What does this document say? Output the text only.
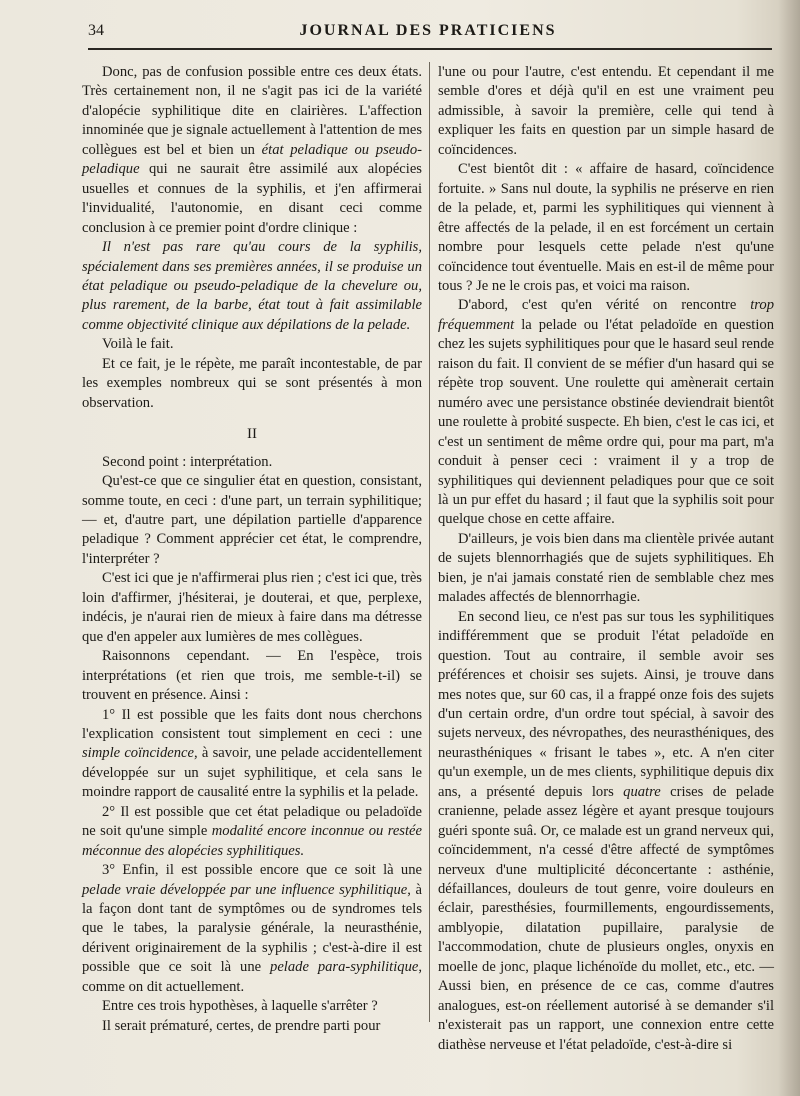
34	JOURNAL DES PRATICIENS

Donc, pas de confusion possible entre ces deux états. Très certainement non, il ne s'agit pas ici de la variété d'alopécie syphilitique dite en clairières. L'affection innominée que je signale actuellement à l'attention de mes collègues est bel et bien un état peladique ou pseudo-peladique qui ne saurait être assimilé aux alopécies usuelles et connues de la syphilis, et j'en affirmerai l'invidualité, l'autonomie, en disant ceci comme conclusion à ce premier point d'ordre clinique :

Il n'est pas rare qu'au cours de la syphilis, spécialement dans ses premières années, il se produise un état peladique ou pseudo-peladique de la chevelure ou, plus rarement, de la barbe, état tout à fait assimilable comme objectivité clinique aux dépilations de la pelade.

Voilà le fait.

Et ce fait, je le répète, me paraît incontestable, de par les exemples nombreux qui se sont présentés à mon observation.

II

Second point : interprétation.

Qu'est-ce que ce singulier état en question, consistant, somme toute, en ceci : d'une part, un terrain syphilitique; — et, d'autre part, une dépilation partielle d'apparence peladique ? Comment apprécier cet état, le comprendre, l'interpréter ?

C'est ici que je n'affirmerai plus rien ; c'est ici que, très loin d'affirmer, j'hésiterai, je douterai, et que, perplexe, indécis, je n'aurai rien de mieux à faire dans ma détresse que d'en appeler aux lumières de mes collègues.

Raisonnons cependant. — En l'espèce, trois interprétations (et rien que trois, me semble-t-il) se trouvent en présence. Ainsi :

1° Il est possible que les faits dont nous cherchons l'explication consistent tout simplement en ceci : une simple coïncidence, à savoir, une pelade accidentellement développée sur un sujet syphilitique, et cela sans le moindre rapport de causalité entre la syphilis et la pelade.

2° Il est possible que cet état peladique ou peladoïde ne soit qu'une simple modalité encore inconnue ou restée méconnue des alopécies syphilitiques.

3° Enfin, il est possible encore que ce soit là une pelade vraie développée par une influence syphilitique, à la façon dont tant de symptômes ou de syndromes tels que le tabes, la paralysie générale, la neurasthénie, dérivent originairement de la syphilis ; c'est-à-dire il est possible que ce soit là une pelade para-syphilitique, comme on dit actuellement.

Entre ces trois hypothèses, à laquelle s'arrêter ?

Il serait prématuré, certes, de prendre parti pour

l'une ou pour l'autre, c'est entendu. Et cependant il me semble d'ores et déjà qu'il en est une vraiment peu admissible, à savoir la première, celle qui tend à expliquer les faits en question par un simple hasard de coïncidences.

C'est bientôt dit : « affaire de hasard, coïncidence fortuite. » Sans nul doute, la syphilis ne préserve en rien de la pelade, et, parmi les syphilitiques qui viennent à être affectés de la pelade, il en est forcément un certain nombre pour lesquels cette pelade n'est qu'une coïncidence tout éventuelle. Mais en est-il de même pour tous ? Je ne le crois pas, et voici ma raison.

D'abord, c'est qu'en vérité on rencontre trop fréquemment la pelade ou l'état peladoïde en question chez les sujets syphilitiques pour que le hasard seul rende raison du fait. Il convient de se méfier d'un hasard qui se répète trop souvent. Une roulette qui amènerait certain numéro avec une persistance obstinée deviendrait bientôt une roulette à probité suspecte. Eh bien, c'est le cas ici, et c'est un sentiment de même ordre qui, pour ma part, m'a conduit à penser ceci : vraiment il y a trop de syphilitiques qui deviennent peladiques pour que ce soit là un pur effet du hasard ; il faut que la syphilis soit pour quelque chose en cette affaire.

D'ailleurs, je vois bien dans ma clientèle privée autant de sujets blennorrhagiés que de sujets syphilitiques. Eh bien, je n'ai jamais constaté rien de semblable chez mes malades affectés de blennorrhagie.

En second lieu, ce n'est pas sur tous les syphilitiques indifféremment que se produit l'état peladoïde en question. Tout au contraire, il semble avoir ses préférences et choisir ses sujets. Ainsi, je trouve dans mes notes que, sur 60 cas, il a frappé onze fois des sujets d'un certain ordre, d'un ordre tout spécial, à savoir des sujets nerveux, des névropathes, des neurasthéniques, des neurasthéniques « frisant le tabes », etc. A n'en citer qu'un exemple, un de mes clients, syphilitique depuis dix ans, a présenté depuis lors quatre crises de pelade cranienne, pelade assez légère et ayant presque toujours guéri sponte suâ. Or, ce malade est un grand nerveux qui, coïncidemment, n'a cessé d'être affecté de symptômes nerveux d'une multiplicité déconcertante : asthénie, défaillances, douleurs de tout genre, voire douleurs en éclair, paresthésies, fourmillements, engourdissements, amblyopie, dilatation pupillaire, paralysie de l'accommodation, chute de plusieurs ongles, onyxis en moelle de jonc, plaque lichénoïde du mollet, etc., etc. — Aussi bien, en présence de ce cas, comme d'autres analogues, est-on réellement autorisé à se demander s'il n'existerait pas un rapport, une connexion entre cette diathèse nerveuse et l'état peladoïde, c'est-à-dire si
